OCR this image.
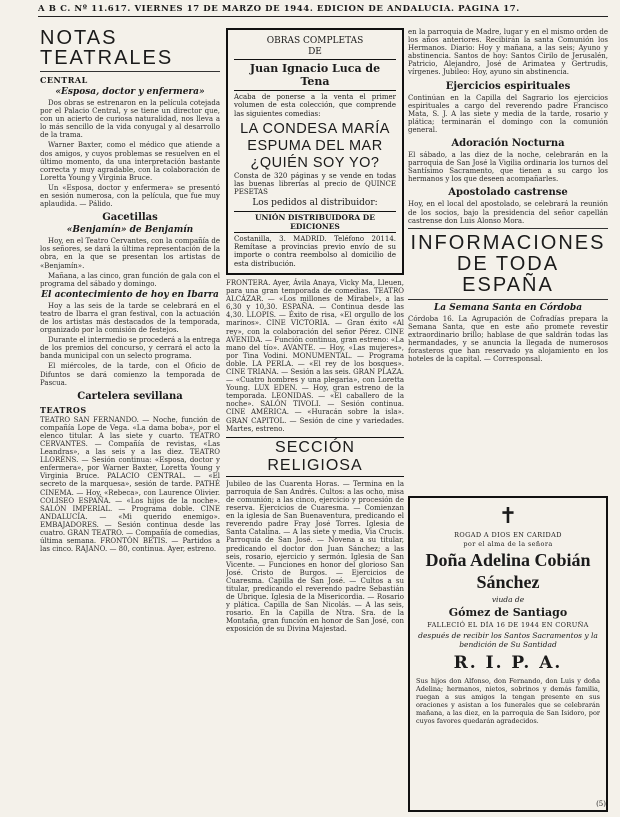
A B C. Nº 11.617. VIERNES 17 DE MARZO DE 1944. EDICIÓN DE ANDALUCÍA. PÁGINA 17.
NOTAS TEATRALES
CENTRAL
«Esposa, doctor y enfermera»

Dos obras se estrenaron en la película cotejada por el Palacio Central, y se tiene un director que, con un acierto de curiosa naturalidad, nos lleva a lo más sencillo de la vida conyugal y al desarrollo de la trama.

Warner Baxter, como el médico que atiende a dos amigos, y cuyos problemas se resuelven en el último momento, da una interpretación bastante correcta y muy agradable, con la colaboración de Loretta Young y Virginia Bruce.

Un «Esposa, doctor y enfermera» se presentó en sesión numerosa, con la película, que fue muy aplaudida. — Pálido.

Gacetillas
«Benjamín» de Benjamín

Hoy, en el Teatro Cervantes, con la compañía de los señores, se dará la última representación de la obra, en la que se presentan los artistas de «Benjamín».

Mañana, a las cinco, gran función de gala con el programa del sábado y domingo.

El acontecimiento de hoy en Ibarra

Hoy a las seis de la tarde se celebrará en el teatro de Ibarra el gran festival, con la actuación de los artistas más destacados de la temporada, organizado por la comisión de festejos.

Durante el intermedio se procederá a la entrega de los premios del concurso, y cerrará el acto la banda municipal con un selecto programa.

El miércoles, de la tarde, con el Oficio de Difuntos se dará comienzo la temporada de Pascua.

Cartelera sevillana
TEATROS
TEATRO SAN FERNANDO. — Noche, función de compañía Lope de Vega. «La dama boba», por el elenco titular. A las siete y cuarto. TEATRO CERVANTES. — Compañía de revistas, «Las Leandras», a las seis y a las diez. TEATRO LLORÉNS. — Sesión continua: «Esposa, doctor y enfermera», por Warner Baxter, Loretta Young y Virginia Bruce. PALACIO CENTRAL. — «El secreto de la marquesa», sesión de tarde. PATHÉ CINEMA. — Hoy, «Rebeca», con Laurence Olivier. COLISEO ESPAÑA. — «Los hijos de la noche». SALÓN IMPERIAL. — Programa doble. CINE ANDALUCÍA. — «Mi querido enemigo». EMBAJADORES. — Sesión continua desde las cuatro. GRAN TEATRO. — Compañía de comedias, última semana. FRONTÓN BETIS. — Partidos a las cinco. RAJANO. — 80, continua. Ayer, estreno.
OBRAS COMPLETAS
DE
Juan Ignacio Luca de Tena
Acaba de ponerse a la venta el primer volumen de esta colección, que comprende las siguientes comedias:
LA CONDESA MARÍA ESPUMA DEL MAR ¿QUIÉN SOY YO?
Consta de 320 páginas y se vende en todas las buenas librerías al precio de QUINCE PESETAS
Los pedidos al distribuidor:
UNIÓN DISTRIBUIDORA DE EDICIONES
Costanilla, 3. MADRID. Teléfono 20114. Remítase a provincias previo envío de su importe o contra reembolso al domicilio de esta distribución.
FRONTERA. Ayer, Ávila Anaya, Vicky Ma, Lleuen, para una gran temporada de comedias. TEATRO ALCÁZAR. — «Los millones de Mirabel», a las 6,30 y 10,30. ESPAÑA. — Continua desde las 4,30. LLOPIS. — Éxito de risa, «El orgullo de los marinos». CINE VICTORIA. — Gran éxito «Al rey», con la colaboración del señor Pérez. CINE AVENIDA. — Función continua, gran estreno: «La mano del tío». AVANTE. — Hoy, «Las mujeres», por Tina Vodini. MONUMENTAL. — Programa doble. LA PERLA. — «El rey de los bosques». CINE TRIANA. — Sesión a las seis. GRAN PLAZA. — «Cuatro hombres y una plegaria», con Loretta Young. LUX EDEN. — Hoy, gran estreno de la temporada. LEONIDAS. — «El caballero de la noche». SALÓN TIVOLI. — Sesión continua. CINE AMÉRICA. — «Huracán sobre la isla». GRAN CAPITOL. — Sesión de cine y variedades. Martes, estreno.
SECCIÓN RELIGIOSA
Jubileo de las Cuarenta Horas. — Termina en la parroquia de San Andrés. Cultos: a las ocho, misa de comunión; a las cinco, ejercicio y procesión de reserva. Ejercicios de Cuaresma. — Comienzan en la iglesia de San Buenaventura, predicando el reverendo padre Fray José Torres. Iglesia de Santa Catalina. — A las siete y media, Via Crucis. Parroquia de San José. — Novena a su titular, predicando el doctor don Juan Sánchez; a las seis, rosario, ejercicio y sermón. Iglesia de San Vicente. — Funciones en honor del glorioso San José. Cristo de Burgos. — Ejercicios de Cuaresma. Capilla de San José. — Cultos a su titular, predicando el reverendo padre Sebastián de Ubrique. Iglesia de la Misericordia. — Rosario y plática. Capilla de San Nicolás. — A las seis, rosario. En la Capilla de Ntra. Sra. de la Montaña, gran función en honor de San José, con exposición de su Divina Majestad.
en la parroquia de Madre, lugar y en el mismo orden de los años anteriores. Recibirán la santa Comunión los Hermanos. Diario: Hoy y mañana, a las seis; Ayuno y abstinencia. Santos de hoy: Santos Cirilo de Jerusalén, Patricio, Alejandro, José de Arimatea y Gertrudis, vírgenes. Jubileo: Hoy, ayuno sin abstinencia.
Ejercicios espirituales
Continúan en la Capilla del Sagrario los ejercicios espirituales a cargo del reverendo padre Francisco Mata, S. J. A las siete y media de la tarde, rosario y plática; terminarán el domingo con la comunión general.
Adoración Nocturna
El sábado, a las diez de la noche, celebrarán en la parroquia de San José la Vigilia ordinaria los turnos del Santísimo Sacramento, que tienen a su cargo los hermanos y los que deseen acompañarles.
Apostolado castrense
Hoy, en el local del apostolado, se celebrará la reunión de los socios, bajo la presidencia del señor capellán castrense don Luis Alonso Mora.
INFORMACIONES DE TODA ESPAÑA
La Semana Santa en Córdoba
Córdoba 16. La Agrupación de Cofradías prepara la Semana Santa, que en este año promete revestir extraordinario brillo; hablase de que saldrán todas las hermandades, y se anuncia la llegada de numerosos forasteros que han reservado ya alojamiento en los hoteles de la capital. — Corresponsal.
✝
ROGAD A DIOS EN CARIDAD
por el alma de la señora
Doña Adelina Cobián Sánchez
viuda de
Gómez de Santiago
FALLECIÓ EL DÍA 16 DE 1944 EN CORUÑA
después de recibir los Santos Sacramentos y la bendición de Su Santidad
R. I. P. A.
Sus hijos don Alfonso, don Fernando, don Luis y doña Adelina; hermanos, nietos, sobrinos y demás familia, ruegan a sus amigos la tengan presente en sus oraciones y asistan a los funerales que se celebrarán mañana, a las diez, en la parroquia de San Isidoro, por cuyos favores quedarán agradecidos.
(5)
